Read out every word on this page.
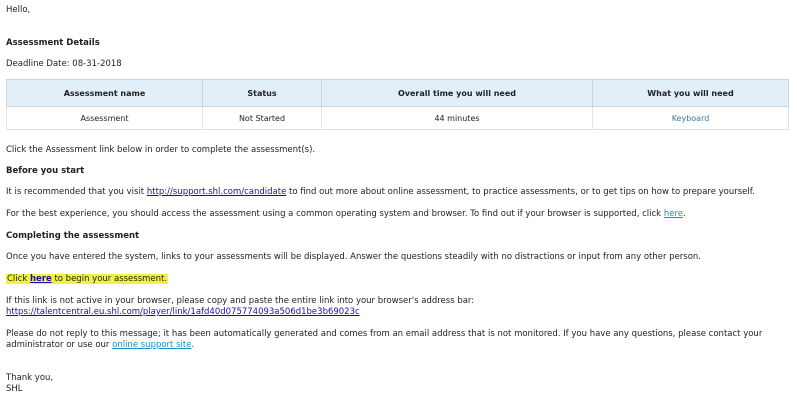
Hello,
Assessment Details
Deadline Date: 08-31-2018
Assessment name	Status	Overall time you will need	What you will need
Assessment	Not Started	44 minutes	Keyboard
Click the Assessment link below in order to complete the assessment(s).
Before you start
It is recommended that you visit http://support.shl.com/candidate to find out more about online assessment, to practice assessments, or to get tips on how to prepare yourself.
For the best experience, you should access the assessment using a common operating system and browser. To find out if your browser is supported, click here.
Completing the assessment
Once you have entered the system, links to your assessments will be displayed. Answer the questions steadily with no distractions or input from any other person.
Click here to begin your assessment.
If this link is not active in your browser, please copy and paste the entire link into your browser's address bar:
https://talentcentral.eu.shl.com/player/link/1afd40d075774093a506d1be3b69023c
Please do not reply to this message; it has been automatically generated and comes from an email address that is not monitored. If you have any questions, please contact your
administrator or use our online support site.
Thank you,
SHL
